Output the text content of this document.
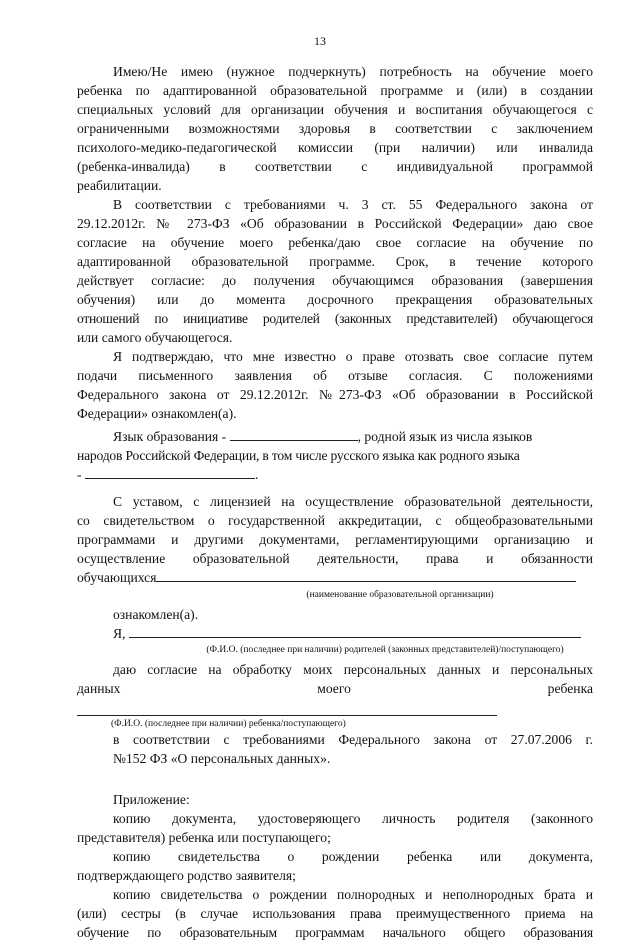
13

Имею/Не имею (нужное подчеркнуть) потребность на обучение моего
ребенка по адаптированной образовательной программе и (или) в создании
специальных условий для организации обучения и воспитания обучающегося с
ограниченными возможностями здоровья в соответствии с заключением
психолого-медико-педагогической комиссии (при наличии) или инвалида
(ребенка-инвалида) в соответствии с индивидуальной программой
реабилитации.

В соответствии с требованиями ч. 3 ст. 55 Федерального закона от
29.12.2012г. № 273-ФЗ «Об образовании в Российской Федерации» даю свое
согласие на обучение моего ребенка/даю свое согласие на обучение по
адаптированной образовательной программе. Срок, в течение которого
действует согласие: до получения обучающимся образования (завершения
обучения) или до момента досрочного прекращения образовательных
отношений по инициативе родителей (законных представителей) обучающегося
или самого обучающегося.

Я подтверждаю, что мне известно о праве отозвать свое согласие путем
подачи письменного заявления об отзыве согласия. С положениями
Федерального закона от 29.12.2012г. №273-ФЗ «Об образовании в Российской
Федерации» ознакомлен(а).

Язык образования -	, родной язык из числа языков

народов Российской Федерации, в том числе русского языка как родного языка

-	.

С уставом, с лицензией на осуществление образовательной деятельности,
со свидетельством о государственной аккредитации, с общеобразовательными
программами и другими документами, регламентирующими организацию и
осуществление образовательной деятельности, права и обязанности
обучающихся

(наименование образовательной организации)

ознакомлен(а).

Я,

(Ф.И.О. (последнее при наличии) родителей (законных представителей)/поступающего)

даю согласие на обработку моих персональных данных и персональных
данных моего ребенка

(Ф.И.О. (последнее при наличии) ребенка/поступающего)

в соответствии с требованиями Федерального закона от 27.07.2006 г.
№152 ФЗ «О персональных данных».

Приложение:

копию документа, удостоверяющего личность родителя (законного
представителя) ребенка или поступающего;

копию свидетельства о рождении ребенка или документа,
подтверждающего родство заявителя;

копию свидетельства о рождении полнородных и неполнородных брата и
(или) сестры (в случае использования права преимущественного приема на
обучение по образовательным программам начального общего образования
